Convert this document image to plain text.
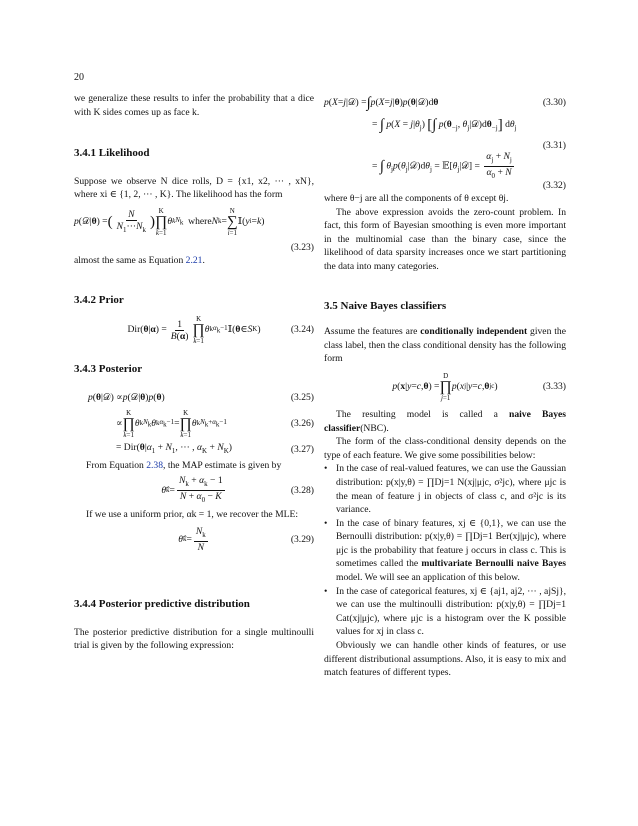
20

we generalize these results to infer the probability that a dice with K sides comes up as face k.

3.4.1 Likelihood

Suppose we observe N dice rolls, D = {x1, x2, ··· , xN}, where xi ∈ {1, 2, ··· , K}. The likelihood has the form

p (𝒟| θ ) = ( $\frac{N}{N_1\cdot\cdot\cdot N_k}$ )
K
∏
k=1
θ k $N_k$ where N k =
N
∑
i=1
𝕀( y i = k )
(3.23)

almost the same as Equation 2.21.

3.4.2 Prior
Dir( θ | α ) = $\frac{1}{B(\alpha)}$ K
∏
k=1
θ k $\alpha_k-1$ 𝕀( θ ∈ S K )	(3.24)
3.4.3 Posterior
p ( θ |𝒟) ∝ p (𝒟| θ ) p ( θ )	(3.25)
∝
K
∏
k=1
θ k $N_k$ θ k $\alpha_k-1$ =
K
∏
k=1
θ k $N_k+\alpha_k-1$	(3.26)
= $Dir(\theta|\alpha_1 + N_1$, ··· , $\alpha_K + N_K$)	(3.27)

From Equation 2.38, the MAP estimate is given by

θ̂ $k = \frac{N_k + \alpha_k - 1}{N + \alpha_0 - K}$	(3.28)

If we use a uniform prior, αk = 1, we recover the MLE:

θ̂ $k = \frac{N_k}{N}$	(3.29)
3.4.4 Posterior predictive distribution

The posterior predictive distribution for a single multinoulli trial is given by the following expression:

p ( X = j |𝒟) = ∫ p ( X = j | θ ) p ( θ |𝒟)d θ	(3.30)
= ∫ $p(X = j|\theta_j)$ [∫ $p(\theta_{-j}$, $\theta_j|𝒟)d\theta_{-j}$] $d\theta_j$
(3.31)
= ∫ $\theta_jp(\theta_j|𝒟)d\theta_j$ = $𝔼[\theta_j|𝒟] = \frac{\alpha_j + N_j}{\alpha_0 + N}$
(3.32)

where θ−j are all the components of θ except θj.

The above expression avoids the zero-count problem. In fact, this form of Bayesian smoothing is even more important in the multinomial case than the binary case, since the likelihood of data sparsity increases once we start partitioning the data into many categories.

3.5 Naive Bayes classifiers

Assume the features are conditionally independent given the class label, then the class conditional density has the following form

p ( x | y = c , θ ) =
D
∏
j=1
p ( x j | y = c , θ jc )	(3.33)

The resulting model is called a naive Bayes classifier(NBC).

The form of the class-conditional density depends on the type of each feature. We give some possibilities below:

• In the case of real-valued features, we can use the Gaussian distribution: p(x|y,θ) = ∏Dj=1 N(xj|μjc, σ²jc), where μjc is the mean of feature j in objects of class c, and σ²jc is its variance.
• In the case of binary features, xj ∈ {0,1}, we can use the Bernoulli distribution: p(x|y,θ) = ∏Dj=1 Ber(xj|μjc), where μjc is the probability that feature j occurs in class c. This is sometimes called the multivariate Bernoulli naive Bayes model. We will see an application of this below.
• In the case of categorical features, xj ∈ {aj1, aj2, ··· , ajSj}, we can use the multinoulli distribution: p(x|y,θ) = ∏Dj=1 Cat(xj|μjc), where μjc is a histogram over the K possible values for xj in class c.

Obviously we can handle other kinds of features, or use different distributional assumptions. Also, it is easy to mix and match features of different types.
